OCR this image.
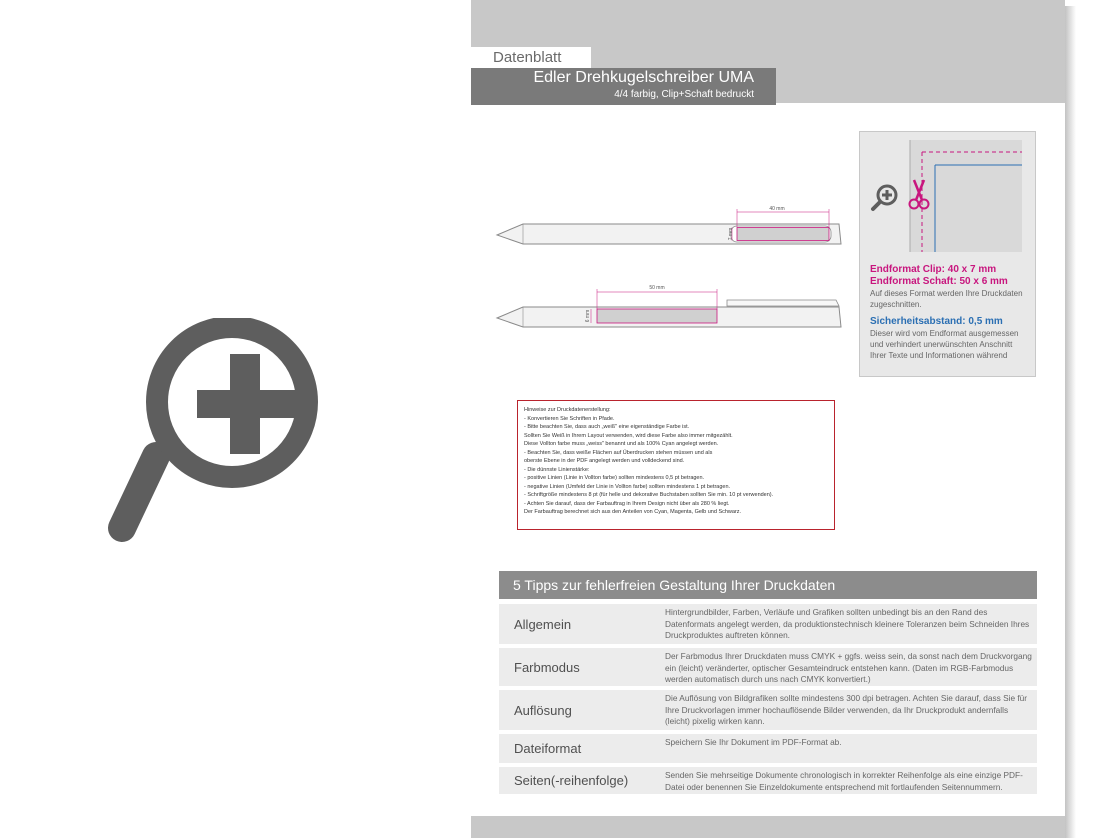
Datenblatt
Edler Drehkugelschreiber UMA
4/4 farbig, Clip+Schaft bedruckt
40 mm
7 mm
50 mm
6 mm
Endformat Clip: 40 x 7 mm
Endformat Schaft: 50 x 6 mm
Auf dieses Format werden Ihre Druckdaten zugeschnitten.
Sicherheitsabstand: 0,5 mm
Dieser wird vom Endformat ausgemessen und verhindert unerwünschten Anschnitt Ihrer Texte und Informationen während
Hinweise zur Druckdatenerstellung:
- Konvertieren Sie Schriften in Pfade.
- Bitte beachten Sie, dass auch „weiß" eine eigenständige Farbe ist.
Sollten Sie Weiß in Ihrem Layout verwenden, wird diese Farbe also immer mitgezählt.
Diese Vollton farbe muss „weiss" benannt und als 100% Cyan angelegt werden.
- Beachten Sie, dass weiße Flächen auf Überdrucken stehen müssen und als
oberste Ebene in der PDF angelegt werden und volldeckend sind.
- Die dünnste Linienstärke:
- positive Linien (Linie in Vollton farbe) sollten mindestens 0,5 pt betragen.
- negative Linien (Umfeld der Linie in Vollton farbe) sollten mindestens 1 pt betragen.
- Schriftgröße mindestens 8 pt (für helle und dekorative Buchstaben sollten Sie min. 10 pt verwenden).
- Achten Sie darauf, dass der Farbauftrag in Ihrem Design nicht über als 280 % liegt.
Der Farbauftrag berechnet sich aus den Anteilen von Cyan, Magenta, Gelb und Schwarz.
5 Tipps zur fehlerfreien Gestaltung Ihrer Druckdaten
Allgemein
Hintergrundbilder, Farben, Verläufe und Grafiken sollten unbedingt bis an den Rand des Datenformats angelegt werden, da produktionstechnisch kleinere Toleranzen beim Schneiden Ihres Druckproduktes auftreten können.
Farbmodus
Der Farbmodus Ihrer Druckdaten muss CMYK + ggfs. weiss sein, da sonst nach dem Druckvorgang ein (leicht) veränderter, optischer Gesamteindruck entstehen kann. (Daten im RGB-Farbmodus werden automatisch durch uns nach CMYK konvertiert.)
Auflösung
Die Auflösung von Bildgrafiken sollte mindestens 300 dpi betragen. Achten Sie darauf, dass Sie für Ihre Druckvorlagen immer hochauflösende Bilder verwenden, da Ihr Druckprodukt andernfalls (leicht) pixelig wirken kann.
Dateiformat	Speichern Sie Ihr Dokument im PDF-Format ab.
Seiten(-reihenfolge)	Senden Sie mehrseitige Dokumente chronologisch in korrekter Reihenfolge als eine einzige PDF-Datei oder benennen Sie Einzeldokumente entsprechend mit fortlaufenden Seitennummern.
